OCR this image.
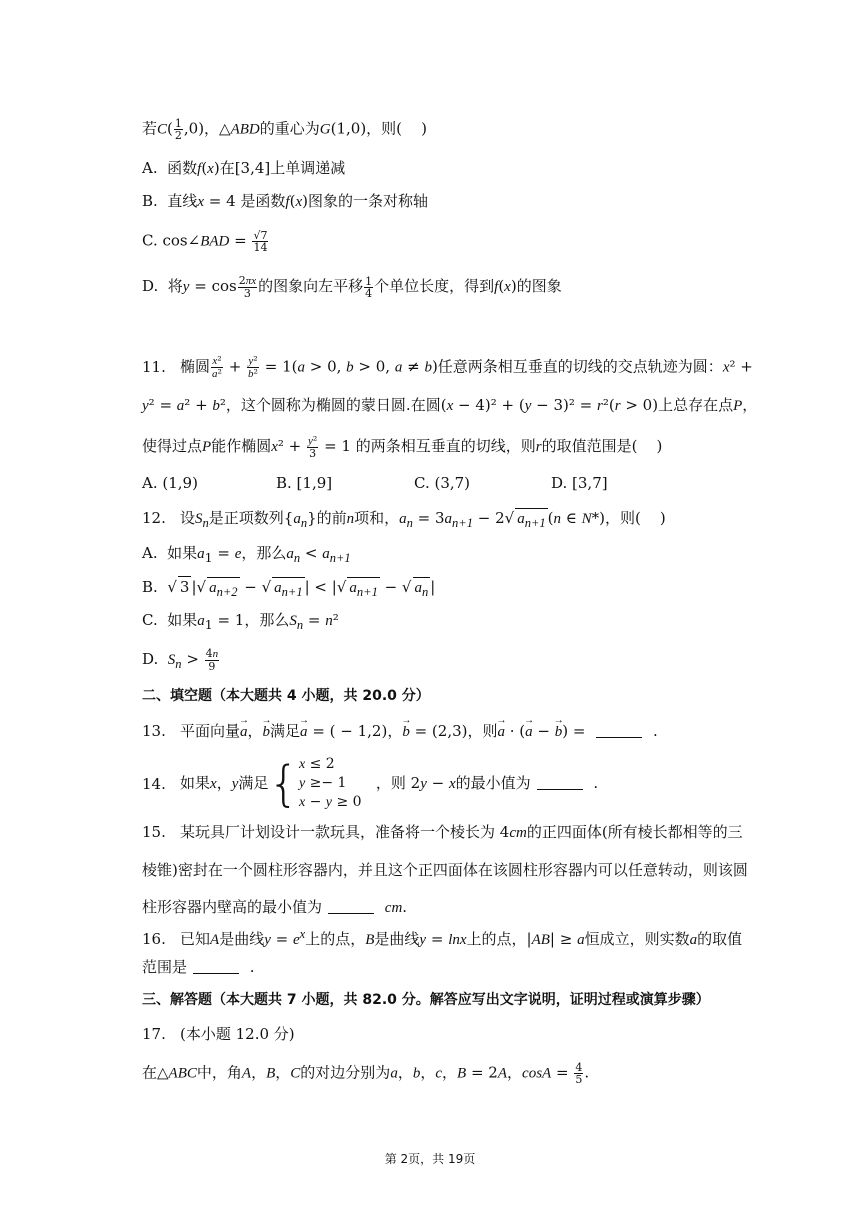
若$C( \frac{1}{2} ,0)$，△ABD的重心为G(1,0)，则(    )
A.  函数f(x)在[3,4]上单调递减
B.  直线x = 4 是函数f(x)图象的一条对称轴
C. cos∠BAD = $\frac{√7}{14}$
D.  将$y = \cos \frac{2\pi x}{3}$ 的图象向左平移 $\frac{1}{4}$ 个单位长度，得到f(x)的图象
11. 椭圆 $\frac{\text{x²}}{\text{a²}} + \frac{\text{y²}}{\text{b²}} = 1(a > 0$, b > 0, a ≠ b)任意两条相互垂直的切线的交点轨迹为圆：x² +
y² = a² + b²，这个圆称为椭圆的蒙日圆.在圆(x − 4)² + (y − 3)² = r²(r > 0)上总存在点P，
使得过点P能作椭圆$x^2 + \frac{\text{y²}}{3} = 1$ 的两条相互垂直的切线，则r的取值范围是(    )
A. (1,9)	B. [1,9]	C. (3,7)	D. [3,7]
12. 设$S_n$是正项数列$\{a_n\}$的前n项和，$a_n = 3a_{n+1} - 2√$ $a_{n+1}$ (n ∈ N*)，则(    )
A.  如果$a_1 = e$，那么$a_n < a_{n+1}$
B.  √ 3 |√ $a_{n+2}$ − √ $a_{n+1}$ | < |√ $a_{n+1}$ − √ $a_n$ |
C.  如果$a_1 = 1$，那么$S_n = n^2$
D.  $S_n > \frac{4n}{9}$
二、填空题（本大题共 4 小题，共 20.0 分）
13. 平面向量→ a，→ b满足→ a = ( − 1,2)，→ b = (2,3)，则→ a · (→ a − → b) =	.
14. 如果x，y满足{x ≤ 2
y ≥− 1
x − y ≥ 0   ，则 2y − x的最小值为	.
15. 某玩具厂计划设计一款玩具，准备将一个棱长为 4cm的正四面体(所有棱长都相等的三
棱锥)密封在一个圆柱形容器内，并且这个正四面体在该圆柱形容器内可以任意转动，则该圆
柱形容器内壁高的最小值为	cm.
16. 已知A是曲线$y = e^x$上的点，B是曲线y = lnx上的点，|AB| ≥ a恒成立，则实数a的取值
范围是	.
三、解答题（本大题共 7 小题，共 82.0 分。解答应写出文字说明，证明过程或演算步骤）
17. (本小题 12.0 分)
在△ABC中，角A，B，C的对边分别为a，b，c，B = 2A，$\cos A = \frac{4}{5}$ .
第 2页，共 19页
